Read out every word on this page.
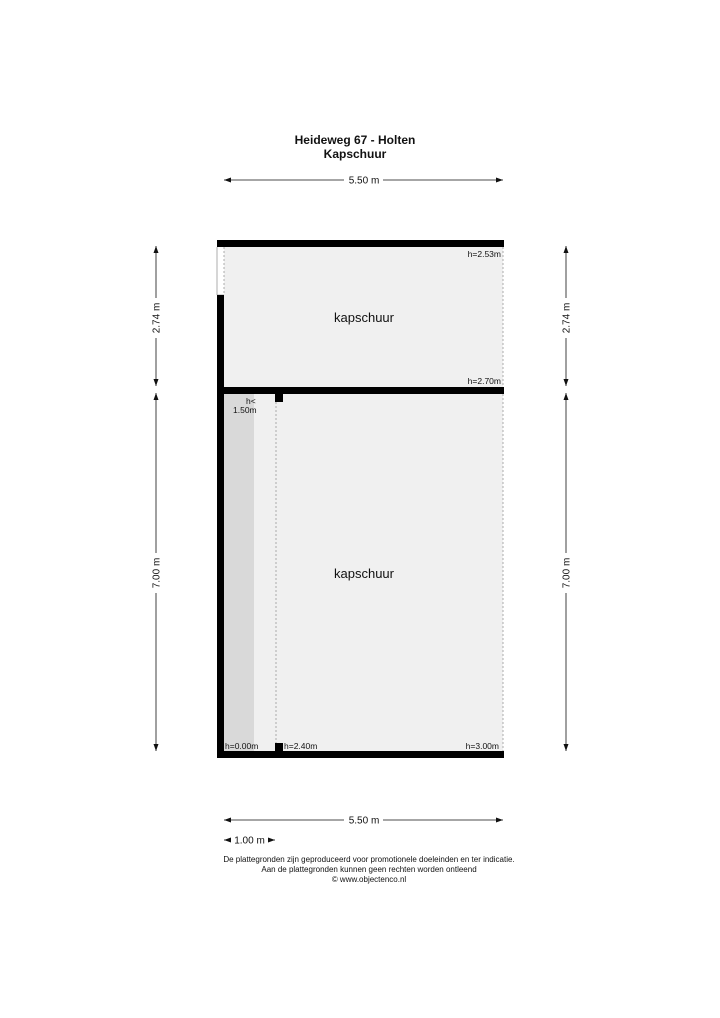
Heideweg 67 - Holten
Kapschuur
5.50 m
2.74 m
7.00 m
2.74 m
7.00 m
kapschuur
kapschuur
h=2.53m
h=2.70m
h<
1.50m
h=0.00m	h=2.40m	h=3.00m
5.50 m
1.00 m
De plattegronden zijn geproduceerd voor promotionele doeleinden en ter indicatie.
Aan de plattegronden kunnen geen rechten worden ontleend
© www.objectenco.nl
